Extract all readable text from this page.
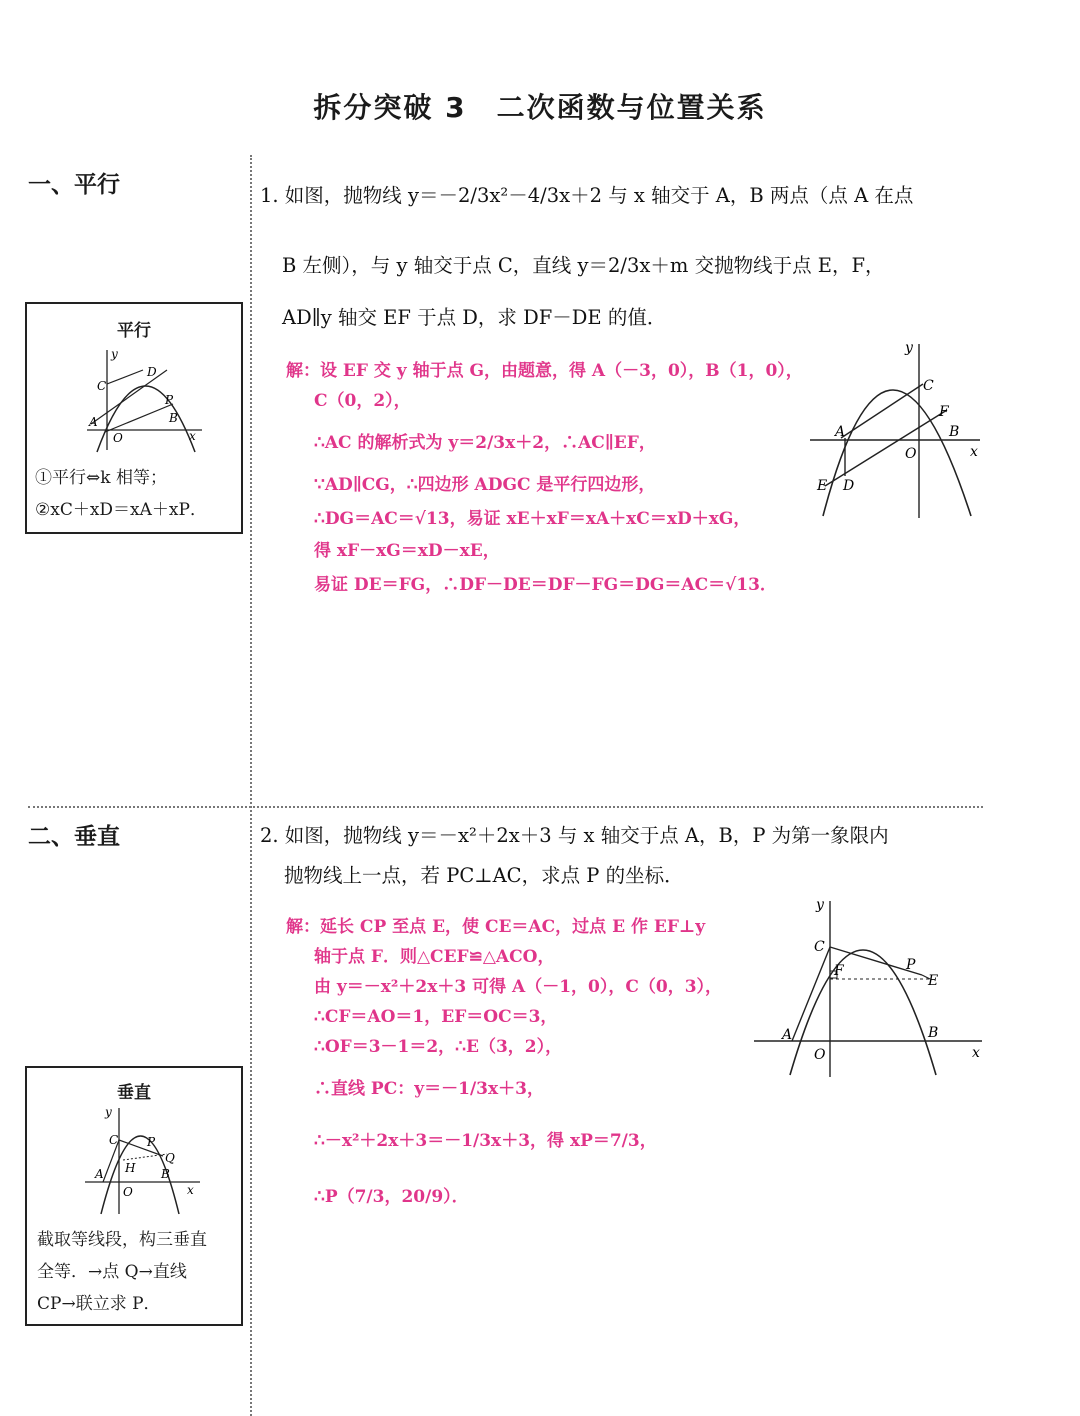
拆分突破 3　二次函数与位置关系
一、平行
平行
y
C
D
P
B
A
O	x
①平行⇔k 相等；
②xC＋xD＝xA＋xP．
1. 如图，抛物线 y＝－2/3x²－4/3x＋2 与 x 轴交于 A，B 两点（点 A 在点
B 左侧），与 y 轴交于点 C，直线 y＝2/3x＋m 交抛物线于点 E，F，
AD∥y 轴交 EF 于点 D，求 DF－DE 的值．
解：设 EF 交 y 轴于点 G，由题意，得 A（－3，0），B（1，0），
C（0，2），
∴AC 的解析式为 y＝2/3x＋2，∴AC∥EF，
∵AD∥CG，∴四边形 ADGC 是平行四边形，
∴DG＝AC＝√13，易证 xE＋xF＝xA＋xC＝xD＋xG，
得 xF－xG＝xD－xE，
易证 DE＝FG，∴DF－DE＝DF－FG＝DG＝AC＝√13．
y
C
F
B
A
O	x
E D
二、垂直
垂直
y
C P
Q
H B
A
O	x
截取等线段，构三垂直
全等．→点 Q→直线
CP→联立求 P．
2. 如图，抛物线 y＝－x²＋2x＋3 与 x 轴交于点 A，B，P 为第一象限内
抛物线上一点，若 PC⊥AC，求点 P 的坐标．
解：延长 CP 至点 E，使 CE＝AC，过点 E 作 EF⊥y
轴于点 F．则△CEF≌△ACO，
由 y＝－x²＋2x＋3 可得 A（－1，0），C（0，3），
∴CF＝AO＝1，EF＝OC＝3，
∴OF＝3－1＝2，∴E（3，2），
∴直线 PC：y＝－1/3x＋3，
∴－x²＋2x＋3＝－1/3x＋3，得 xP＝7/3，
∴P（7/3，20/9）．
y
C
P
E
F
A	B
O	x
